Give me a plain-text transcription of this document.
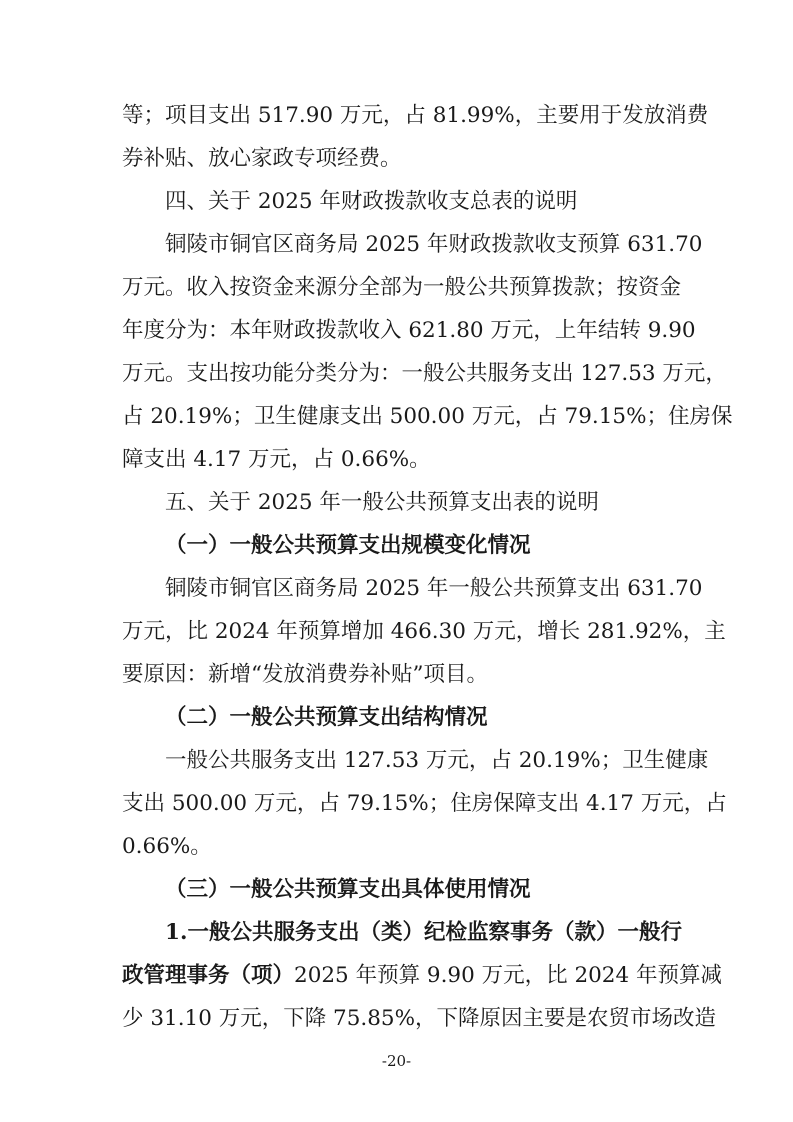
等；项目支出 517.90 万元，占 81.99%，主要用于发放消费
券补贴、放心家政专项经费。
四、关于 2025 年财政拨款收支总表的说明
铜陵市铜官区商务局 2025 年财政拨款收支预算 631.70
万元。收入按资金来源分全部为一般公共预算拨款；按资金
年度分为：本年财政拨款收入 621.80 万元，上年结转 9.90
万元。支出按功能分类分为：一般公共服务支出 127.53 万元，
占 20.19%；卫生健康支出 500.00 万元，占 79.15%；住房保
障支出 4.17 万元，占 0.66%。
五、关于 2025 年一般公共预算支出表的说明
（一）一般公共预算支出规模变化情况
铜陵市铜官区商务局 2025 年一般公共预算支出 631.70
万元，比 2024 年预算增加 466.30 万元，增长 281.92%，主
要原因：新增“发放消费券补贴”项目。
（二）一般公共预算支出结构情况
一般公共服务支出 127.53 万元，占 20.19%；卫生健康
支出 500.00 万元，占 79.15%；住房保障支出 4.17 万元，占
0.66%。
（三）一般公共预算支出具体使用情况
1.一般公共服务支出（类）纪检监察事务（款）一般行
政管理事务（项）2025 年预算 9.90 万元，比 2024 年预算减
少 31.10 万元，下降 75.85%，下降原因主要是农贸市场改造
-20-
